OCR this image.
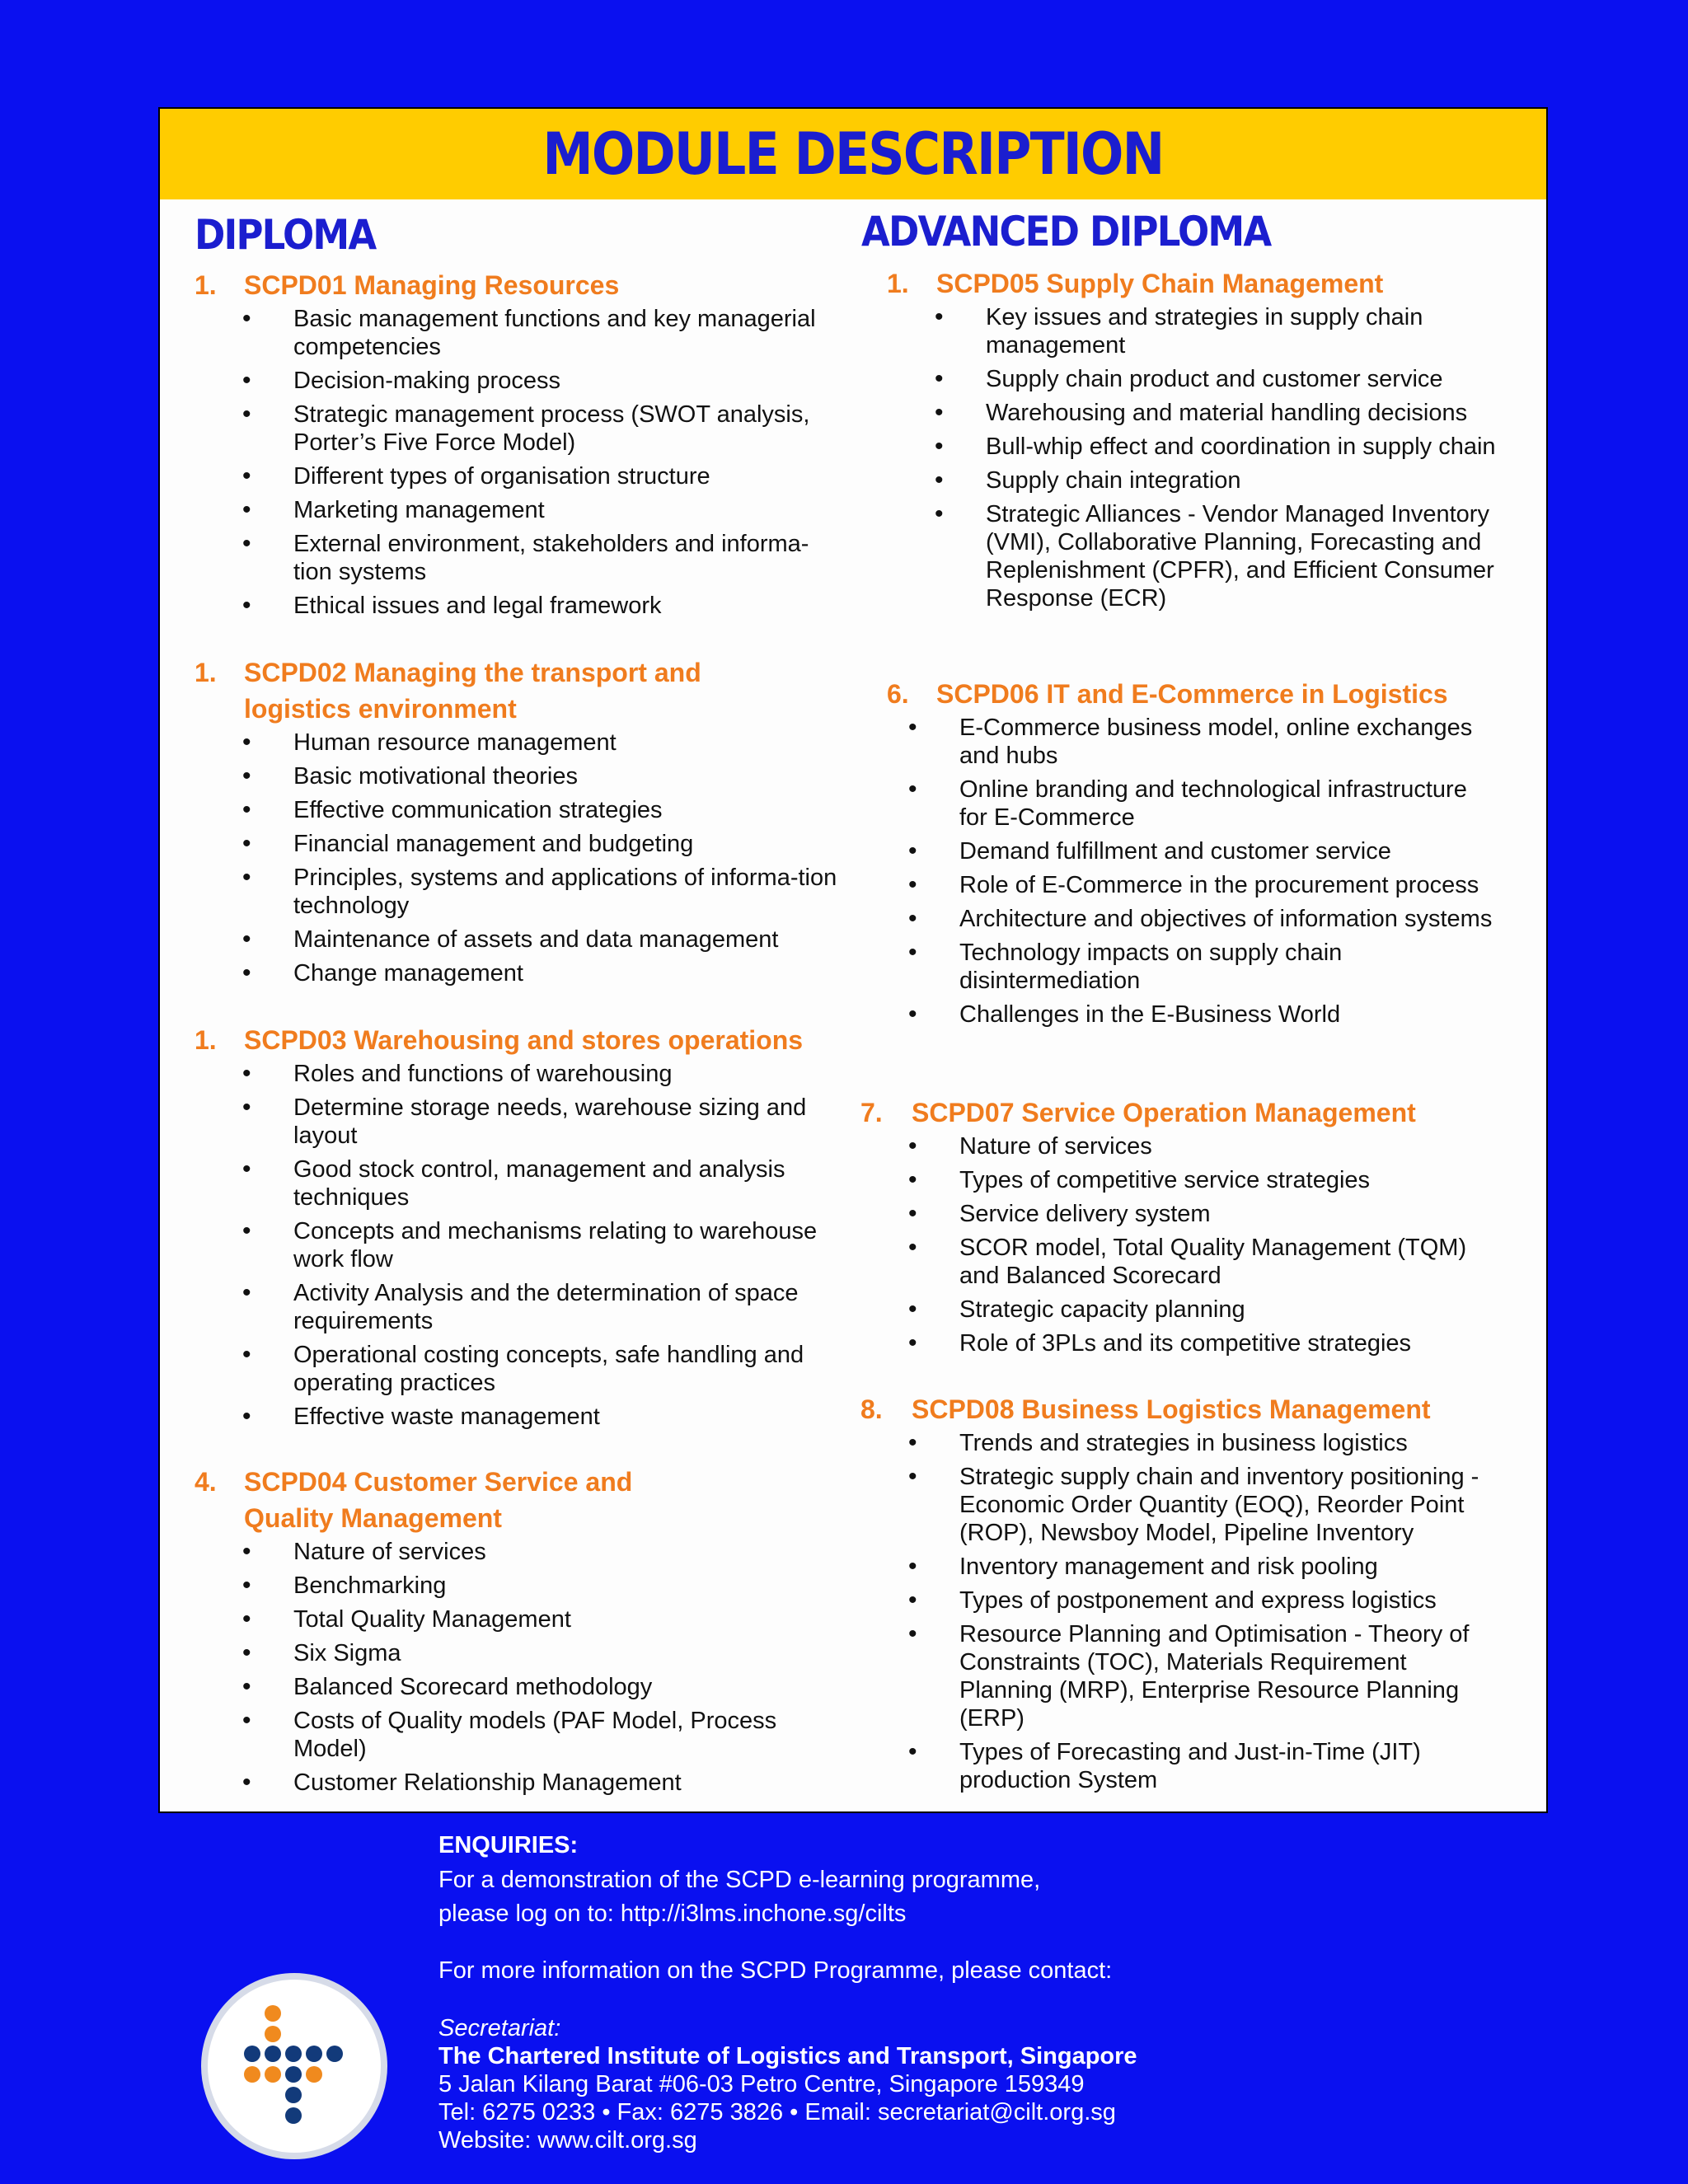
MODULE DESCRIPTION
DIPLOMA	ADVANCED DIPLOMA
1.	SCPD01 Managing Resources
• Basic management functions and key managerial competencies
• Decision-making process
• Strategic management process (SWOT analysis, Porter’s Five Force Model)
• Different types of organisation structure
• Marketing management
• External environment, stakeholders and informa-tion systems
• Ethical issues and legal framework
1.	SCPD02 Managing the transport and logistics environment
• Human resource management
• Basic motivational theories
• Effective communication strategies
• Financial management and budgeting
• Principles, systems and applications of informa-tion technology
• Maintenance of assets and data management
• Change management
1.	SCPD03 Warehousing and stores operations
• Roles and functions of warehousing
• Determine storage needs, warehouse sizing and layout
• Good stock control, management and analysis techniques
• Concepts and mechanisms relating to warehouse work flow
• Activity Analysis and the determination of space requirements
• Operational costing concepts, safe handling and operating practices
• Effective waste management
4.	SCPD04 Customer Service and Quality Management
• Nature of services
• Benchmarking
• Total Quality Management
• Six Sigma
• Balanced Scorecard methodology
• Costs of Quality models (PAF Model, Process Model)
• Customer Relationship Management
1.	SCPD05 Supply Chain Management
• Key issues and strategies in supply chain management
• Supply chain product and customer service
• Warehousing and material handling decisions
• Bull-whip effect and coordination in supply chain
• Supply chain integration
• Strategic Alliances - Vendor Managed Inventory (VMI), Collaborative Planning, Forecasting and Replenishment (CPFR), and Efficient Consumer Response (ECR)
6.	SCPD06 IT and E-Commerce in Logistics
• E-Commerce business model, online exchanges and hubs
• Online branding and technological infrastructure for E-Commerce
• Demand fulfillment and customer service
• Role of E-Commerce in the procurement process
• Architecture and objectives of information systems
• Technology impacts on supply chain disintermediation
• Challenges in the E-Business World
7.	SCPD07 Service Operation Management
• Nature of services
• Types of competitive service strategies
• Service delivery system
• SCOR model, Total Quality Management (TQM) and Balanced Scorecard
• Strategic capacity planning
• Role of 3PLs and its competitive strategies
8.	SCPD08 Business Logistics Management
• Trends and strategies in business logistics
• Strategic supply chain and inventory positioning - Economic Order Quantity (EOQ), Reorder Point (ROP), Newsboy Model, Pipeline Inventory
• Inventory management and risk pooling
• Types of postponement and express logistics
• Resource Planning and Optimisation - Theory of Constraints (TOC), Materials Requirement Planning (MRP), Enterprise Resource Planning (ERP)
• Types of Forecasting and Just-in-Time (JIT) production System
ENQUIRIES:
For a demonstration of the SCPD e-learning programme,
please log on to: http://i3lms.inchone.sg/cilts
For more information on the SCPD Programme, please contact:
Secretariat:
The Chartered Institute of Logistics and Transport, Singapore
5 Jalan Kilang Barat #06-03 Petro Centre, Singapore 159349
Tel: 6275 0233 • Fax: 6275 3826 • Email: secretariat@cilt.org.sg
Website: www.cilt.org.sg
